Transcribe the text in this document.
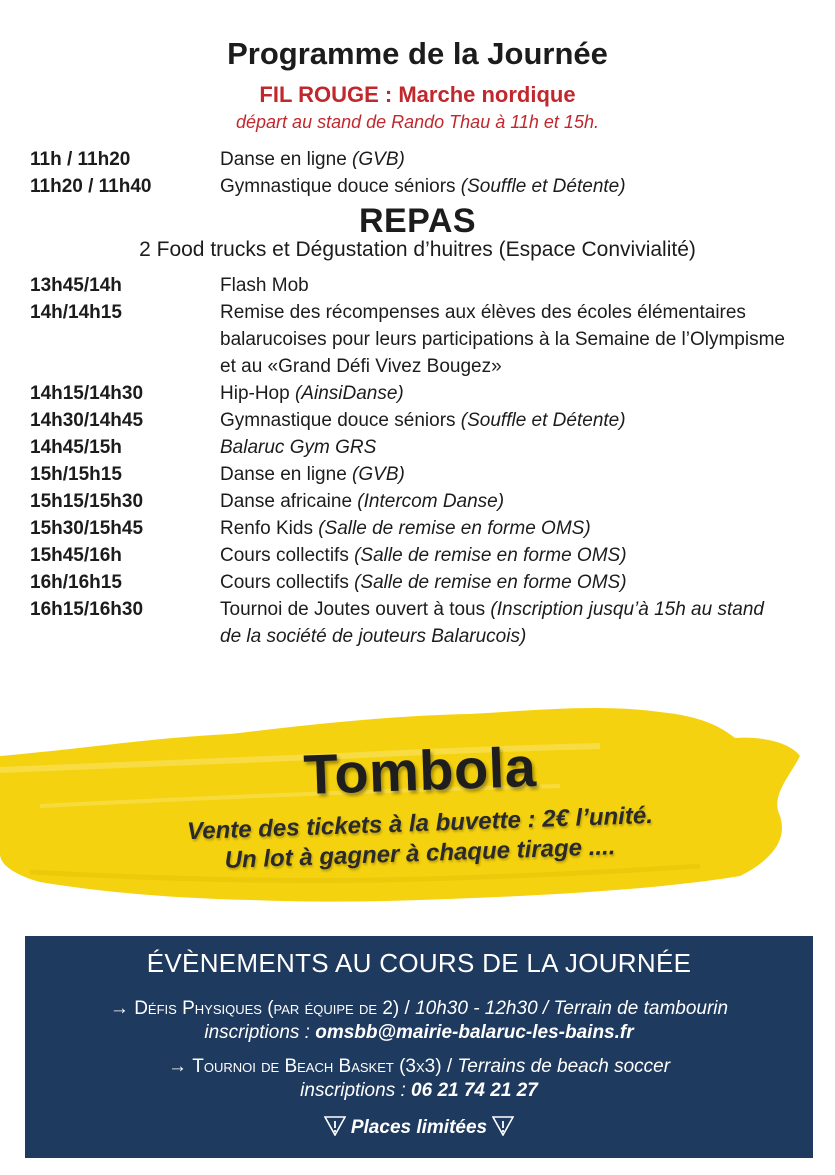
Programme de la Journée
FIL ROUGE : Marche nordique
départ au stand de Rando Thau à 11h et 15h.
11h / 11h20	Danse en ligne (GVB)
11h20 / 11h40	Gymnastique douce séniors (Souffle et Détente)
REPAS
2 Food trucks et Dégustation d’huitres (Espace Convivialité)
13h45/14h	Flash Mob
14h/14h15	Remise des récompenses aux élèves des écoles élémentaires balarucoises pour leurs participations à la Semaine de l’Olympisme et au «Grand Défi Vivez Bougez»
14h15/14h30	Hip-Hop (AinsiDanse)
14h30/14h45	Gymnastique douce séniors (Souffle et Détente)
14h45/15h	Balaruc Gym GRS
15h/15h15	Danse en ligne (GVB)
15h15/15h30	Danse africaine (Intercom Danse)
15h30/15h45	Renfo Kids (Salle de remise en forme OMS)
15h45/16h	Cours collectifs (Salle de remise en forme OMS)
16h/16h15	Cours collectifs (Salle de remise en forme OMS)
16h15/16h30	Tournoi de Joutes ouvert à tous (Inscription jusqu’à 15h au stand de la société de jouteurs Balarucois)
Tombola
Vente des tickets à la buvette : 2€ l’unité.
Un lot à gagner à chaque tirage ....
ÉVÈNEMENTS AU COURS DE LA JOURNÉE
→ Défis Physiques (par équipe de 2) / 10h30 - 12h30 / Terrain de tambourin
inscriptions : omsbb@mairie-balaruc-les-bains.fr
→ Tournoi de Beach Basket (3x3) / Terrains de beach soccer
inscriptions : 06 21 74 21 27
Places limitées
